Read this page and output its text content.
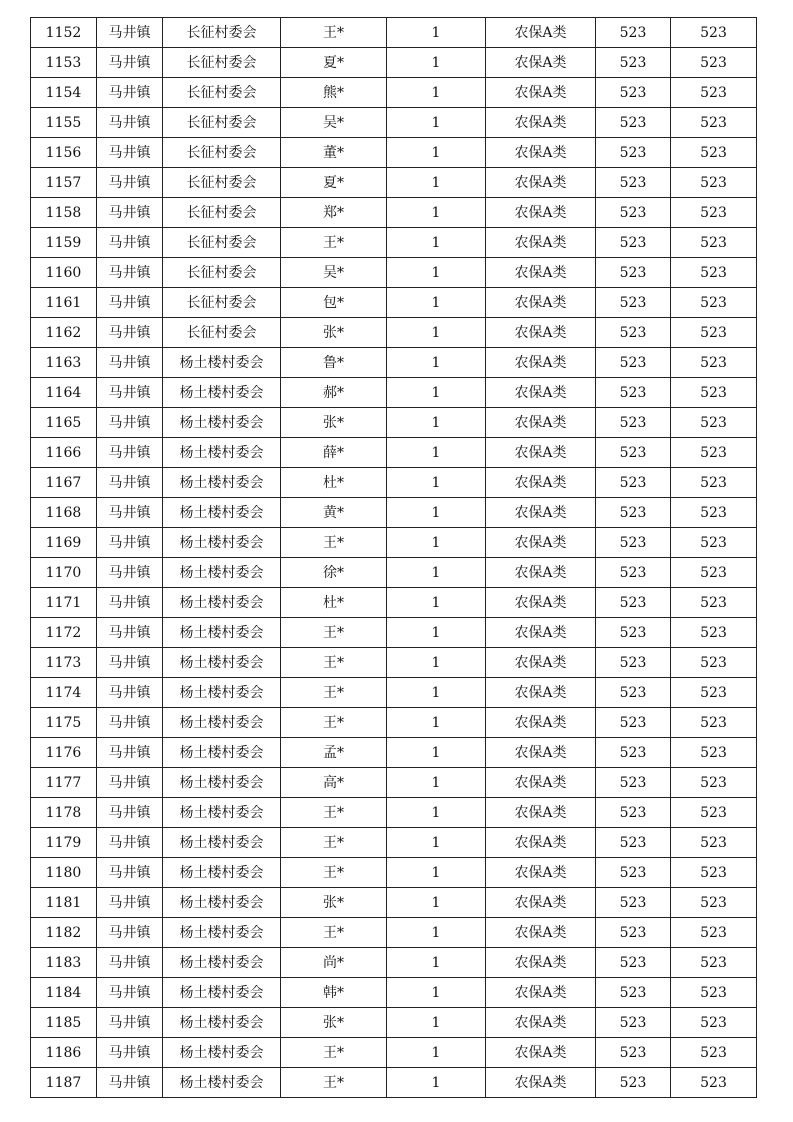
1152	马井镇	长征村委会	王*	1	农保A类	523	523
1153	马井镇	长征村委会	夏*	1	农保A类	523	523
1154	马井镇	长征村委会	熊*	1	农保A类	523	523
1155	马井镇	长征村委会	吴*	1	农保A类	523	523
1156	马井镇	长征村委会	董*	1	农保A类	523	523
1157	马井镇	长征村委会	夏*	1	农保A类	523	523
1158	马井镇	长征村委会	郑*	1	农保A类	523	523
1159	马井镇	长征村委会	王*	1	农保A类	523	523
1160	马井镇	长征村委会	吴*	1	农保A类	523	523
1161	马井镇	长征村委会	包*	1	农保A类	523	523
1162	马井镇	长征村委会	张*	1	农保A类	523	523
1163	马井镇	杨土楼村委会	鲁*	1	农保A类	523	523
1164	马井镇	杨土楼村委会	郝*	1	农保A类	523	523
1165	马井镇	杨土楼村委会	张*	1	农保A类	523	523
1166	马井镇	杨土楼村委会	薛*	1	农保A类	523	523
1167	马井镇	杨土楼村委会	杜*	1	农保A类	523	523
1168	马井镇	杨土楼村委会	黄*	1	农保A类	523	523
1169	马井镇	杨土楼村委会	王*	1	农保A类	523	523
1170	马井镇	杨土楼村委会	徐*	1	农保A类	523	523
1171	马井镇	杨土楼村委会	杜*	1	农保A类	523	523
1172	马井镇	杨土楼村委会	王*	1	农保A类	523	523
1173	马井镇	杨土楼村委会	王*	1	农保A类	523	523
1174	马井镇	杨土楼村委会	王*	1	农保A类	523	523
1175	马井镇	杨土楼村委会	王*	1	农保A类	523	523
1176	马井镇	杨土楼村委会	孟*	1	农保A类	523	523
1177	马井镇	杨土楼村委会	高*	1	农保A类	523	523
1178	马井镇	杨土楼村委会	王*	1	农保A类	523	523
1179	马井镇	杨土楼村委会	王*	1	农保A类	523	523
1180	马井镇	杨土楼村委会	王*	1	农保A类	523	523
1181	马井镇	杨土楼村委会	张*	1	农保A类	523	523
1182	马井镇	杨土楼村委会	王*	1	农保A类	523	523
1183	马井镇	杨土楼村委会	尚*	1	农保A类	523	523
1184	马井镇	杨土楼村委会	韩*	1	农保A类	523	523
1185	马井镇	杨土楼村委会	张*	1	农保A类	523	523
1186	马井镇	杨土楼村委会	王*	1	农保A类	523	523
1187	马井镇	杨土楼村委会	王*	1	农保A类	523	523
